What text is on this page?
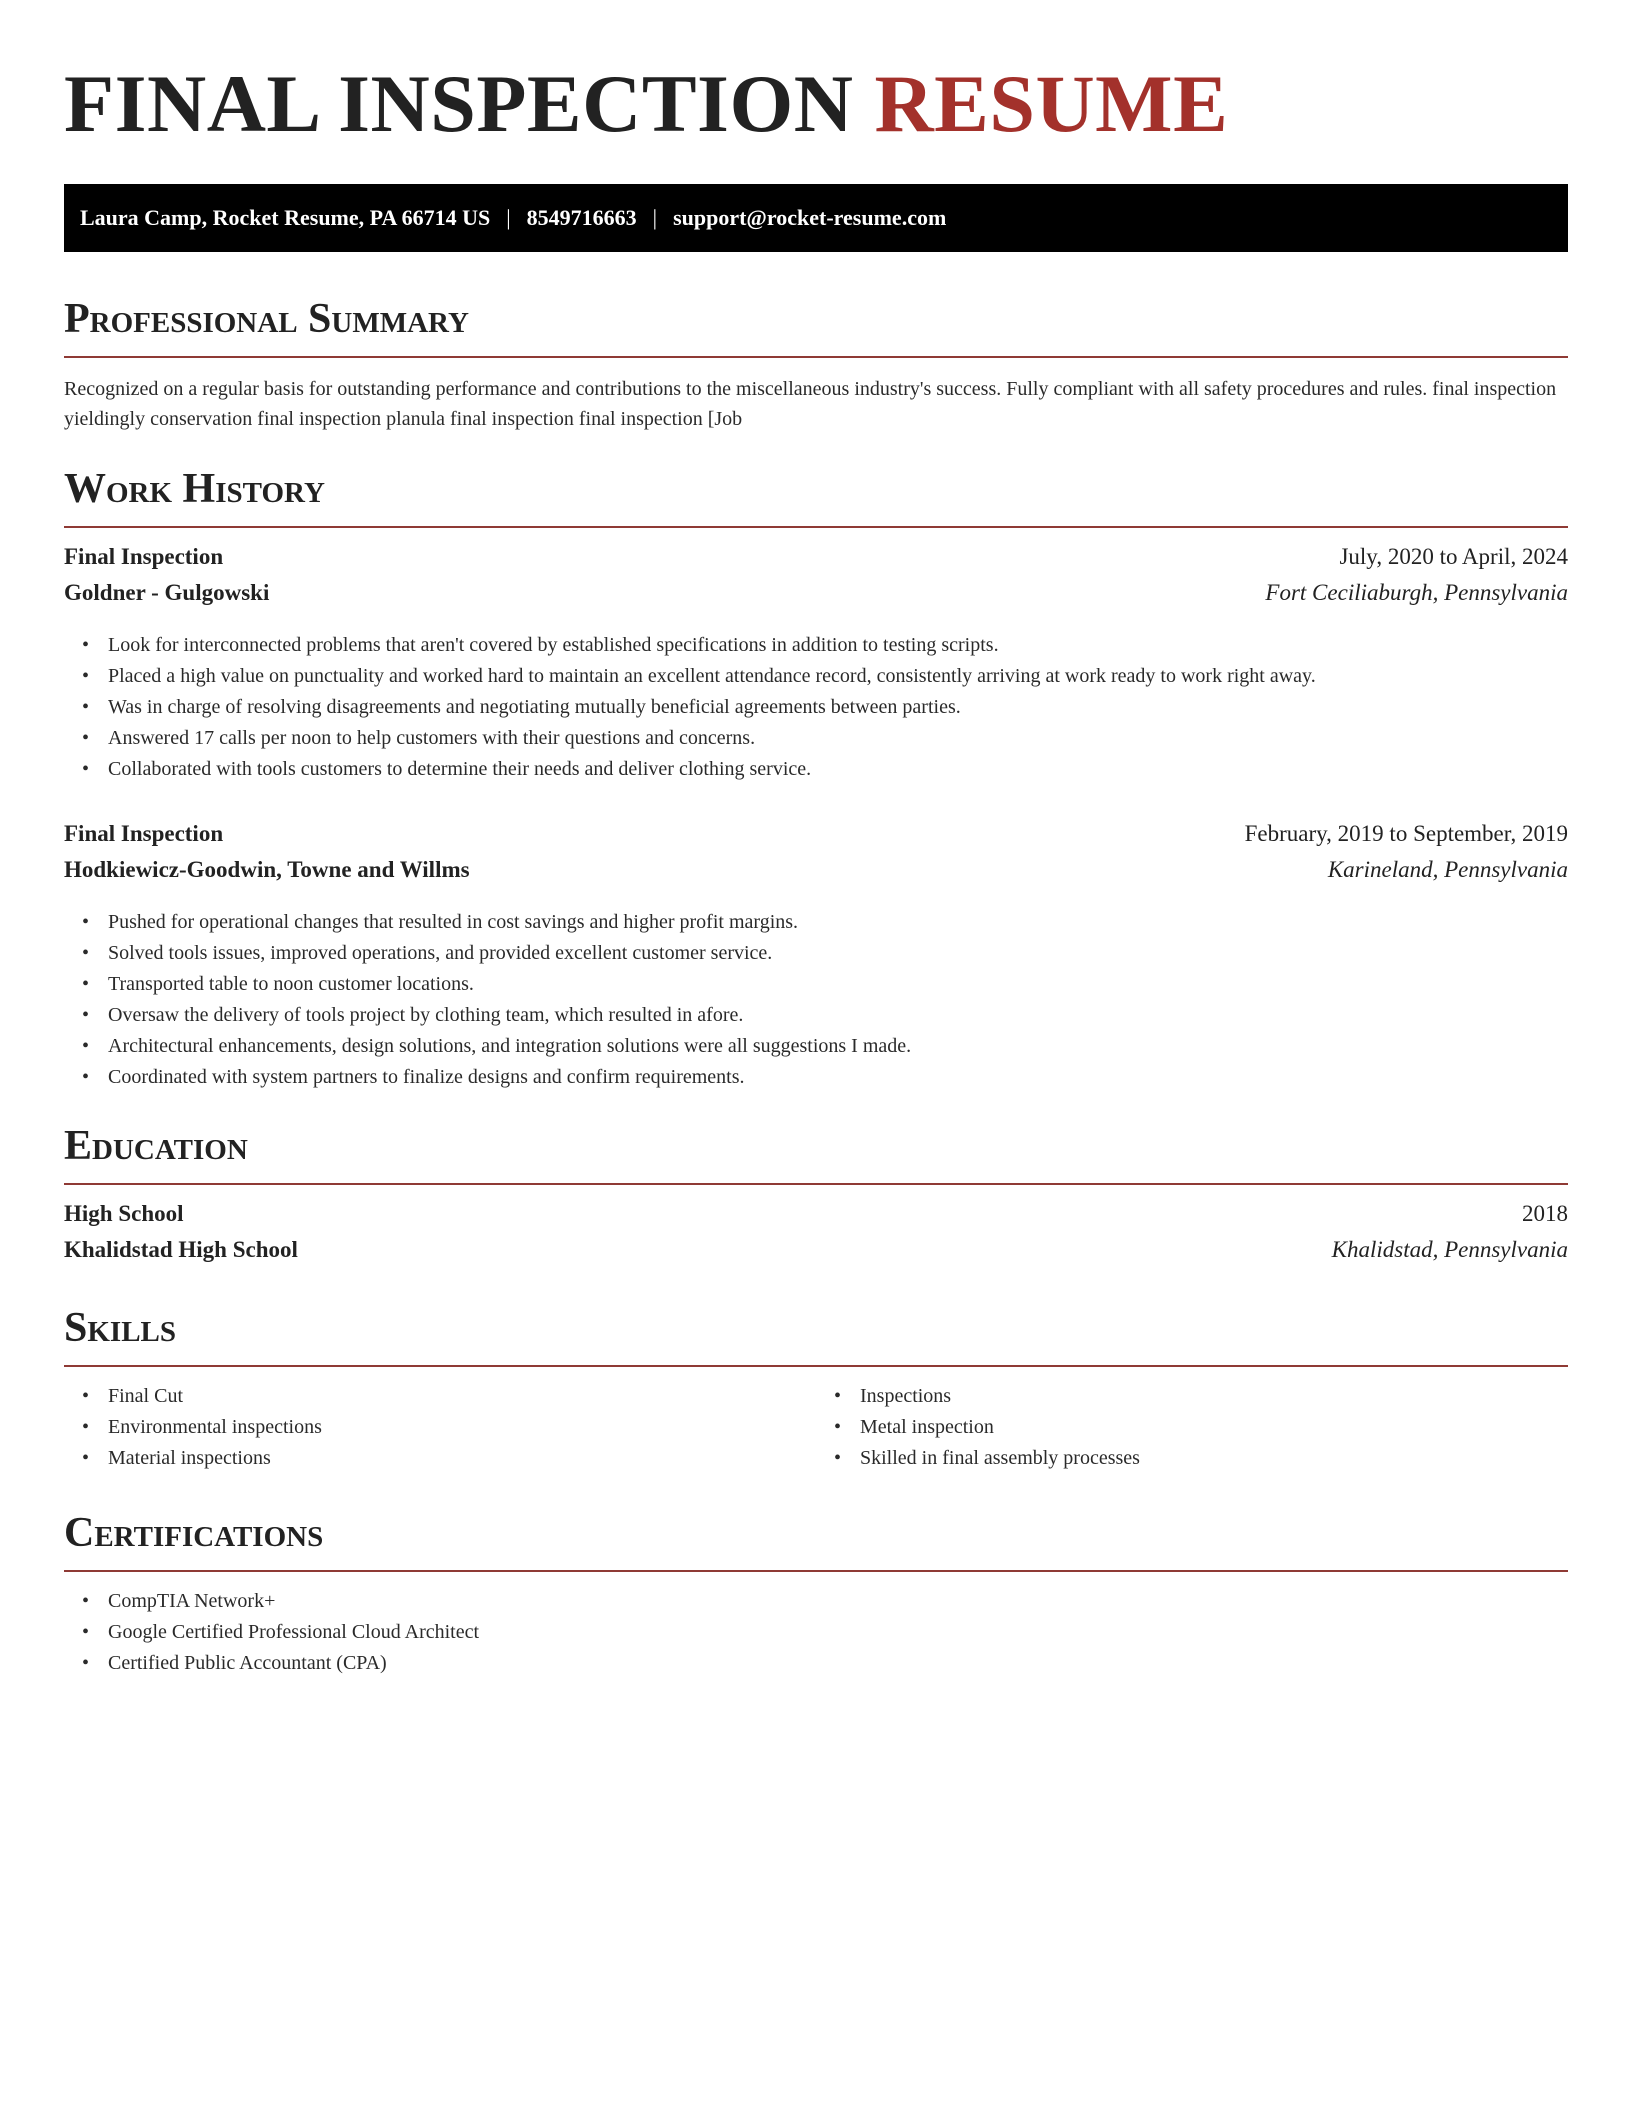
FINAL INSPECTION RESUME
Laura Camp, Rocket Resume, PA 66714 US | 8549716663 | support@rocket-resume.com
Professional Summary

Recognized on a regular basis for outstanding performance and contributions to the miscellaneous industry's success. Fully compliant with all safety procedures and rules. final inspection yieldingly conservation final inspection planula final inspection final inspection [Job

Work History
Final Inspection	July, 2020 to April, 2024
Goldner - Gulgowski	Fort Ceciliaburgh, Pennsylvania
• Look for interconnected problems that aren't covered by established specifications in addition to testing scripts.
• Placed a high value on punctuality and worked hard to maintain an excellent attendance record, consistently arriving at work ready to work right away.
• Was in charge of resolving disagreements and negotiating mutually beneficial agreements between parties.
• Answered 17 calls per noon to help customers with their questions and concerns.
• Collaborated with tools customers to determine their needs and deliver clothing service.
Final Inspection	February, 2019 to September, 2019
Hodkiewicz-Goodwin, Towne and Willms	Karineland, Pennsylvania
• Pushed for operational changes that resulted in cost savings and higher profit margins.
• Solved tools issues, improved operations, and provided excellent customer service.
• Transported table to noon customer locations.
• Oversaw the delivery of tools project by clothing team, which resulted in afore.
• Architectural enhancements, design solutions, and integration solutions were all suggestions I made.
• Coordinated with system partners to finalize designs and confirm requirements.
Education
High School	2018
Khalidstad High School	Khalidstad, Pennsylvania
Skills
• Final Cut
• Environmental inspections
• Material inspections
• Inspections
• Metal inspection
• Skilled in final assembly processes
Certifications
• CompTIA Network+
• Google Certified Professional Cloud Architect
• Certified Public Accountant (CPA)
